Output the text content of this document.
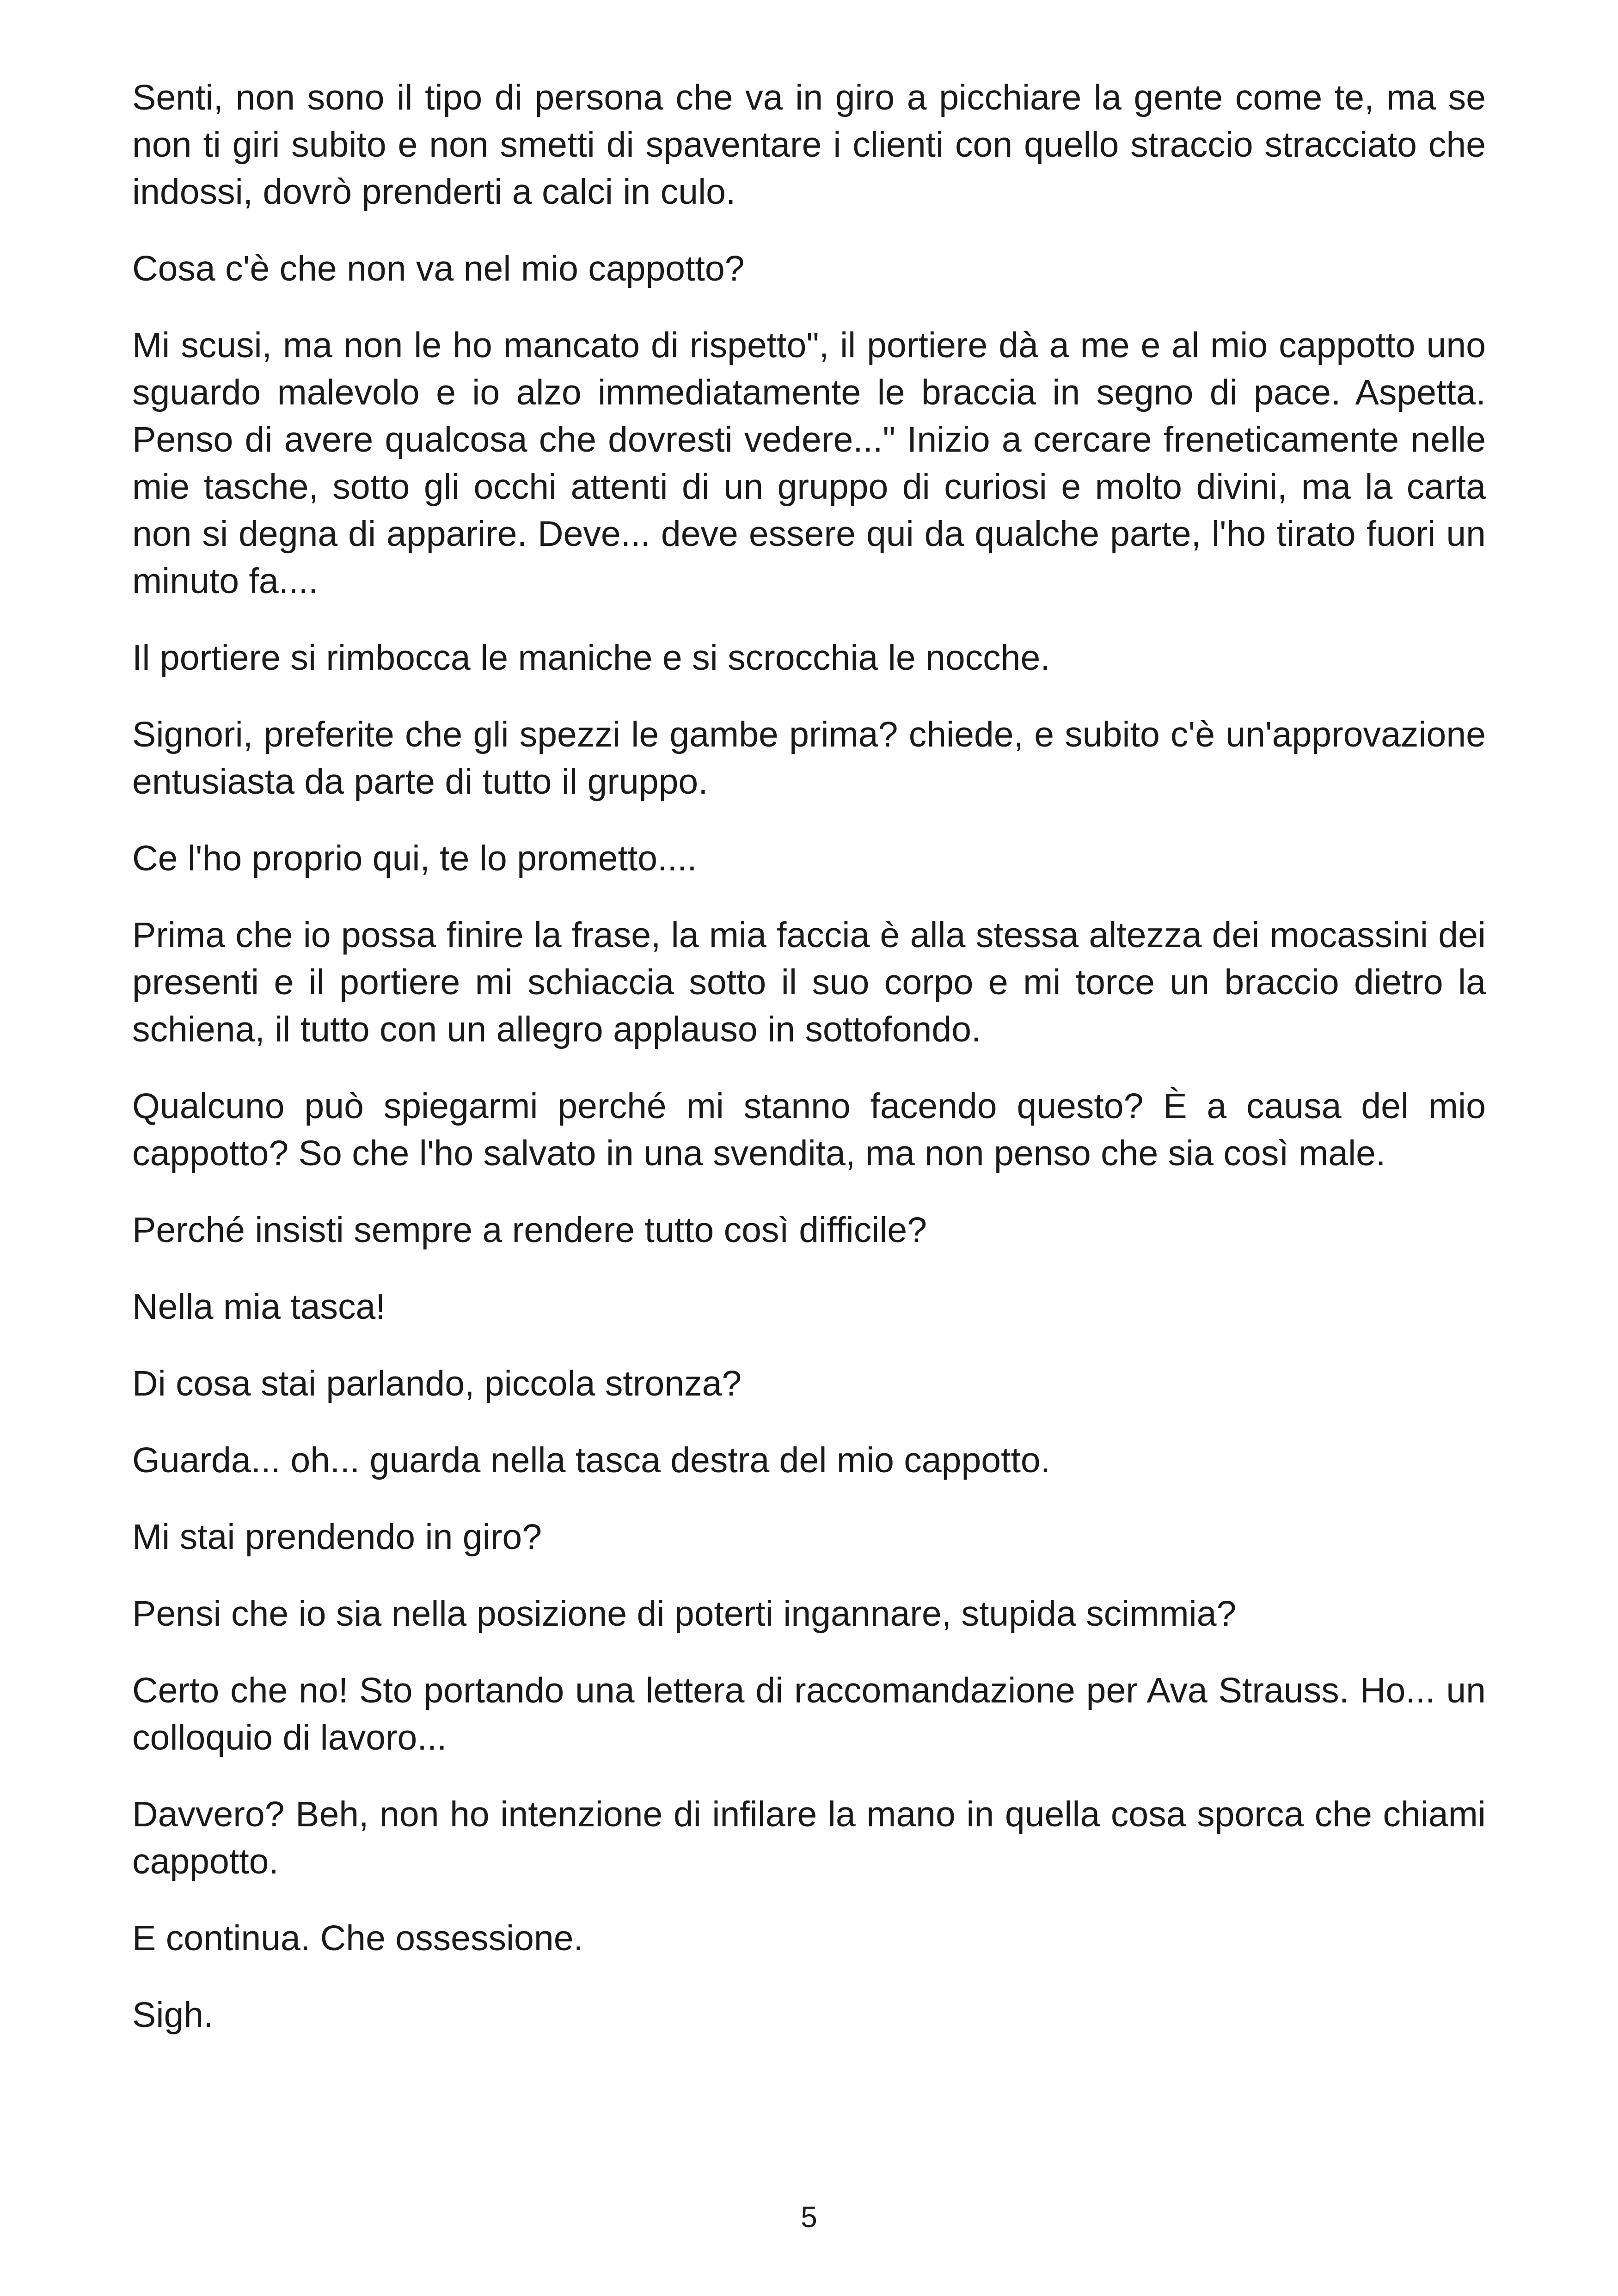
Senti, non sono il tipo di persona che va in giro a picchiare la gente come te, ma se non ti giri subito e non smetti di spaventare i clienti con quello straccio stracciato che indossi, dovrò prenderti a calci in culo.

Cosa c'è che non va nel mio cappotto?

Mi scusi, ma non le ho mancato di rispetto", il portiere dà a me e al mio cappotto uno sguardo malevolo e io alzo immediatamente le braccia in segno di pace. Aspetta. Penso di avere qualcosa che dovresti vedere..." Inizio a cercare freneticamente nelle mie tasche, sotto gli occhi attenti di un gruppo di curiosi e molto divini, ma la carta non si degna di apparire. Deve... deve essere qui da qualche parte, l'ho tirato fuori un minuto fa....

Il portiere si rimbocca le maniche e si scrocchia le nocche.

Signori, preferite che gli spezzi le gambe prima? chiede, e subito c'è un'approvazione entusiasta da parte di tutto il gruppo.

Ce l'ho proprio qui, te lo prometto....

Prima che io possa finire la frase, la mia faccia è alla stessa altezza dei mocassini dei presenti e il portiere mi schiaccia sotto il suo corpo e mi torce un braccio dietro la schiena, il tutto con un allegro applauso in sottofondo.

Qualcuno può spiegarmi perché mi stanno facendo questo? È a causa del mio cappotto? So che l'ho salvato in una svendita, ma non penso che sia così male.

Perché insisti sempre a rendere tutto così difficile?

Nella mia tasca!

Di cosa stai parlando, piccola stronza?

Guarda... oh... guarda nella tasca destra del mio cappotto.

Mi stai prendendo in giro?

Pensi che io sia nella posizione di poterti ingannare, stupida scimmia?

Certo che no! Sto portando una lettera di raccomandazione per Ava Strauss. Ho... un colloquio di lavoro...

Davvero? Beh, non ho intenzione di infilare la mano in quella cosa sporca che chiami cappotto.

E continua. Che ossessione.

Sigh.

5
